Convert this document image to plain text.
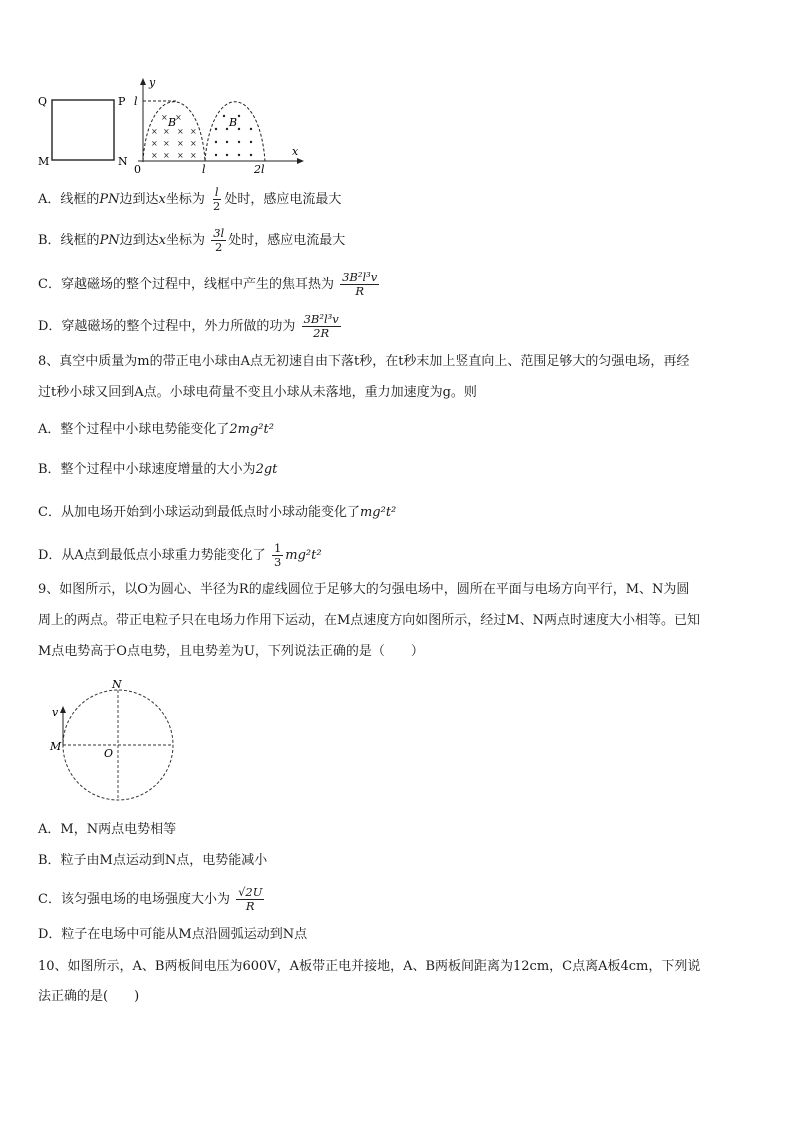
Q	P
M	N
y
x
0
l
l	2l
B	B
× ×
× × × ×
× × × ×
× × × ×
A．线框的PN边到达x坐标为 $\frac{l}{2}$ 处时，感应电流最大
B．线框的PN边到达x坐标为 $\frac{3l}{2}$ 处时，感应电流最大
C．穿越磁场的整个过程中，线框中产生的焦耳热为 $\frac{\text{3B²l³v}}{R}$
D．穿越磁场的整个过程中，外力所做的功为 $\frac{\text{3B²l³v}}{2R}$
8、真空中质量为m的带正电小球由A点无初速自由下落t秒，在t秒末加上竖直向上、范围足够大的匀强电场，再经
过t秒小球又回到A点。小球电荷量不变且小球从未落地，重力加速度为g。则
A．整个过程中小球电势能变化了2mg²t²
B．整个过程中小球速度增量的大小为2gt
C．从加电场开始到小球运动到最低点时小球动能变化了mg²t²
D．从A点到最低点小球重力势能变化了 $\frac{1}{3} mg^2t^2$
9、如图所示，以O为圆心、半径为R的虚线圆位于足够大的匀强电场中，圆所在平面与电场方向平行，M、N为圆
周上的两点。带正电粒子只在电场力作用下运动，在M点速度方向如图所示，经过M、N两点时速度大小相等。已知
M点电势高于O点电势，且电势差为U，下列说法正确的是（　　）
v
N
M
O
A．M，N两点电势相等
B．粒子由M点运动到N点，电势能减小
C．该匀强电场的电场强度大小为 $\frac{√2U}{R}$
D．粒子在电场中可能从M点沿圆弧运动到N点
10、如图所示，A、B两板间电压为600V，A板带正电并接地，A、B两板间距离为12cm，C点离A板4cm，下列说
法正确的是(　　)
